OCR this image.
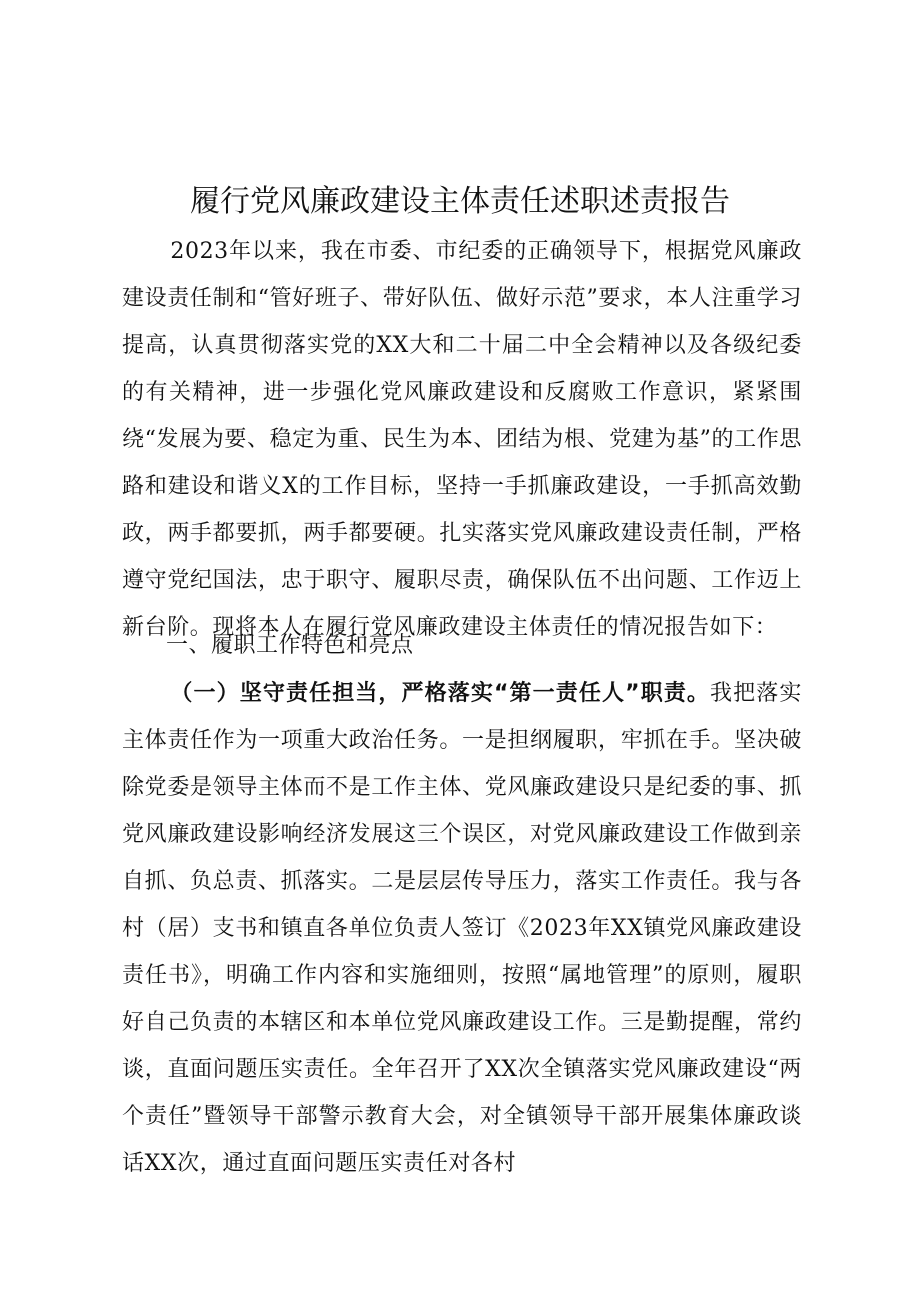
履行党风廉政建设主体责任述职述责报告

2023年以来，我在市委、市纪委的正确领导下，根据党风廉政建设责任制和“管好班子、带好队伍、做好示范”要求，本人注重学习提高，认真贯彻落实党的XX大和二十届二中全会精神以及各级纪委的有关精神，进一步强化党风廉政建设和反腐败工作意识，紧紧围绕“发展为要、稳定为重、民生为本、团结为根、党建为基”的工作思路和建设和谐义X的工作目标，坚持一手抓廉政建设，一手抓高效勤政，两手都要抓，两手都要硬。扎实落实党风廉政建设责任制，严格遵守党纪国法，忠于职守、履职尽责，确保队伍不出问题、工作迈上新台阶。现将本人在履行党风廉政建设主体责任的情况报告如下：

一、履职工作特色和亮点

（一）坚守责任担当，严格落实“第一责任人”职责。我把落实主体责任作为一项重大政治任务。一是担纲履职，牢抓在手。坚决破除党委是领导主体而不是工作主体、党风廉政建设只是纪委的事、抓党风廉政建设影响经济发展这三个误区，对党风廉政建设工作做到亲自抓、负总责、抓落实。二是层层传导压力，落实工作责任。我与各村（居）支书和镇直各单位负责人签订《2023年XX镇党风廉政建设责任书》，明确工作内容和实施细则，按照“属地管理”的原则，履职好自己负责的本辖区和本单位党风廉政建设工作。三是勤提醒，常约谈，直面问题压实责任。全年召开了XX次全镇落实党风廉政建设“两个责任”暨领导干部警示教育大会，对全镇领导干部开展集体廉政谈话XX次，通过直面问题压实责任对各村
